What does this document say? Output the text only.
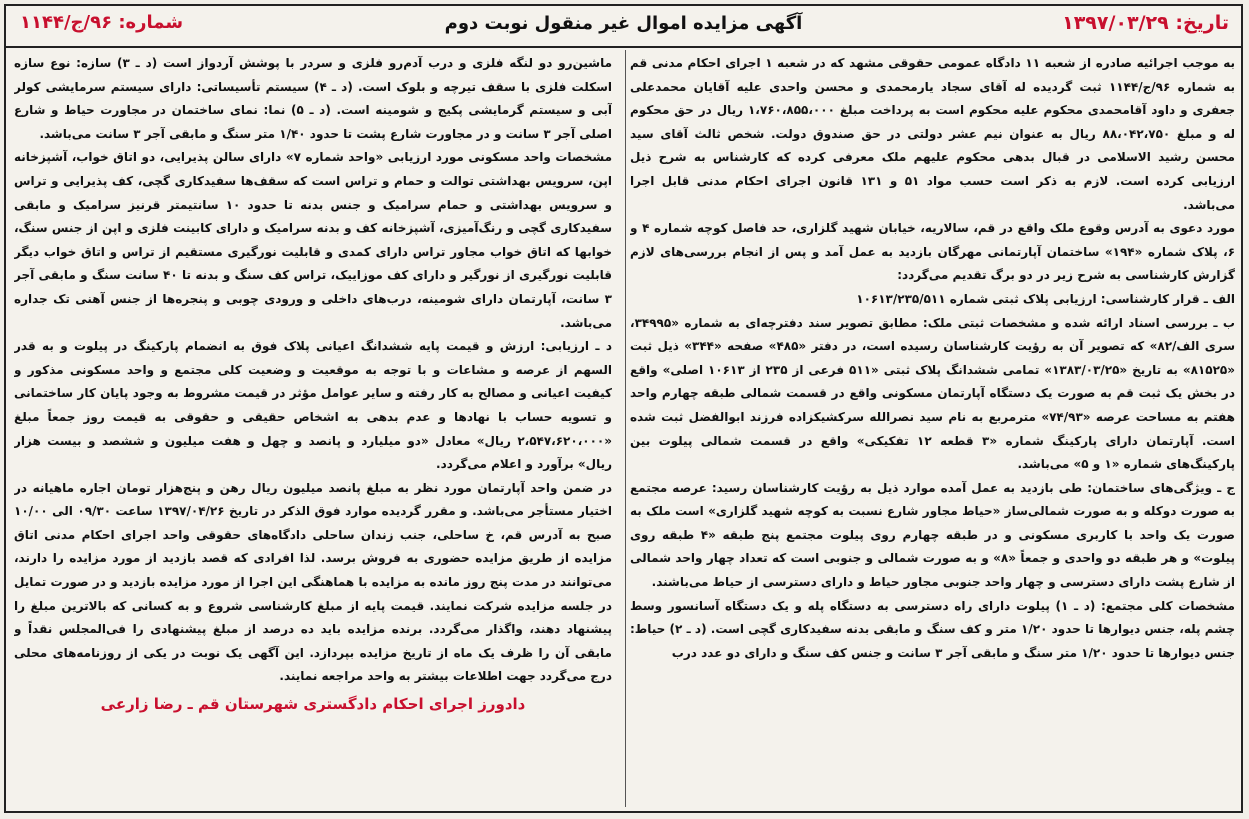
تاریخ: ۱۳۹۷/۰۳/۲۹
آگهی مزایده اموال غیر منقول نوبت دوم
شماره: ۹۶/ج/۱۱۴۴

به موجب اجرائیه صادره از شعبه ۱۱ دادگاه عمومی حقوقی مشهد که در شعبه ۱ اجرای احکام مدنی قم به شماره ۹۶/ج/۱۱۴۴ ثبت گردیده له آقای سجاد یارمحمدی و محسن واحدی علیه آقایان محمدعلی جعفری و داود آقامحمدی محکوم علیه محکوم است به پرداخت مبلغ ۱،۷۶۰،۸۵۵،۰۰۰ ریال در حق محکوم له و مبلغ ۸۸،۰۴۲،۷۵۰ ریال به عنوان نیم عشر دولتی در حق صندوق دولت. شخص ثالث آقای سید محسن رشید الاسلامی در قبال بدهی محکوم علیهم ملک معرفی کرده که کارشناس به شرح ذیل ارزیابی کرده است. لازم به ذکر است حسب مواد ۵۱ و ۱۳۱ قانون اجرای احکام مدنی قابل اجرا می‌باشد.

مورد دعوی به آدرس وقوع ملک واقع در قم، سالاریه، خیابان شهید گلزاری، حد فاصل کوچه شماره ۴ و ۶، پلاک شماره «۱۹۴» ساختمان آپارتمانی مهرگان بازدید به عمل آمد و پس از انجام بررسی‌های لازم گزارش کارشناسی به شرح زیر در دو برگ تقدیم می‌گردد:

الف ـ قرار کارشناسی: ارزیابی پلاک ثبتی شماره ۱۰۶۱۳/۲۳۵/۵۱۱

ب ـ بررسی اسناد ارائه شده و مشخصات ثبتی ملک: مطابق تصویر سند دفترچه‌ای به شماره «۳۴۹۹۵، سری الف/۸۲» که تصویر آن به رؤیت کارشناسان رسیده است، در دفتر «۴۸۵» صفحه «۳۴۴» ذیل ثبت «۸۱۵۲۵» به تاریخ «۱۳۸۳/۰۳/۲۵» تمامی ششدانگ پلاک ثبتی «۵۱۱ فرعی از ۲۳۵ از ۱۰۶۱۳ اصلی» واقع در بخش یک ثبت قم به صورت یک دستگاه آپارتمان مسکونی واقع در قسمت شمالی طبقه چهارم واحد هفتم به مساحت عرصه «۷۴/۹۳» مترمربع به نام سید نصرالله سرکشیکزاده فرزند ابوالفضل ثبت شده است. آپارتمان دارای پارکینگ شماره «۳ قطعه ۱۲ تفکیکی» واقع در قسمت شمالی پیلوت بین پارکینگ‌های شماره «۱ و ۵» می‌باشد.

ج ـ ویژگی‌های ساختمان: طی بازدید به عمل آمده موارد ذیل به رؤیت کارشناسان رسید: عرصه مجتمع به صورت دوکله و به صورت شمالی‌ساز «حیاط مجاور شارع نسبت به کوچه شهید گلزاری» است ملک به صورت یک واحد با کاربری مسکونی و در طبقه چهارم روی پیلوت مجتمع پنج طبقه «۴ طبقه روی پیلوت» و هر طبقه دو واحدی و جمعاً «۸» و به صورت شمالی و جنوبی است که تعداد چهار واحد شمالی از شارع پشت دارای دسترسی و چهار واحد جنوبی مجاور حیاط و دارای دسترسی از حیاط می‌باشند.

مشخصات کلی مجتمع: (د ـ ۱) پیلوت دارای راه دسترسی به دستگاه پله و یک دستگاه آسانسور وسط چشم پله، جنس دیوارها تا حدود ۱/۲۰ متر و کف سنگ و مابقی بدنه سفیدکاری گچی است. (د ـ ۲) حیاط: جنس دیوارها تا حدود ۱/۲۰ متر سنگ و مابقی آجر ۳ سانت و جنس کف سنگ و دارای دو عدد درب

ماشین‌رو دو لنگه فلزی و درب آدم‌رو فلزی و سردر با پوشش آردواز است (د ـ ۳) سازه: نوع سازه اسکلت فلزی با سقف تیرچه و بلوک است. (د ـ ۴) سیستم تأسیساتی: دارای سیستم سرمایشی کولر آبی و سیستم گرمایشی پکیج و شومینه است. (د ـ ۵) نما: نمای ساختمان در مجاورت حیاط و شارع اصلی آجر ۳ سانت و در مجاورت شارع پشت تا حدود ۱/۴۰ متر سنگ و مابقی آجر ۳ سانت می‌باشد.

مشخصات واحد مسکونی مورد ارزیابی «واحد شماره ۷» دارای سالن پذیرایی، دو اتاق خواب، آشپزخانه اپن، سرویس بهداشتی توالت و حمام و تراس است که سقف‌ها سفیدکاری گچی، کف پذیرایی و تراس و سرویس بهداشتی و حمام سرامیک و جنس بدنه تا حدود ۱۰ سانتیمتر قرنیز سرامیک و مابقی سفیدکاری گچی و رنگ‌آمیزی، آشپزخانه کف و بدنه سرامیک و دارای کابینت فلزی و اپن از جنس سنگ، خوابها که اتاق خواب مجاور تراس دارای کمدی و قابلیت نورگیری مستقیم از تراس و اتاق خواب دیگر قابلیت نورگیری از نورگیر و دارای کف موزاییک، تراس کف سنگ و بدنه تا ۴۰ سانت سنگ و مابقی آجر ۳ سانت، آپارتمان دارای شومینه، درب‌های داخلی و ورودی چوبی و پنجره‌ها از جنس آهنی تک جداره می‌باشد.

د ـ ارزیابی: ارزش و قیمت پایه ششدانگ اعیانی پلاک فوق به انضمام پارکینگ در پیلوت و به قدر السهم از عرصه و مشاعات و با توجه به موقعیت و وضعیت کلی مجتمع و واحد مسکونی مذکور و کیفیت اعیانی و مصالح به کار رفته و سایر عوامل مؤثر در قیمت مشروط به وجود پایان کار ساختمانی و تسویه حساب با نهادها و عدم بدهی به اشخاص حقیقی و حقوقی به قیمت روز جمعاً مبلغ «۲،۵۴۷،۶۲۰،۰۰۰ ریال» معادل «دو میلیارد و پانصد و چهل و هفت میلیون و ششصد و بیست هزار ریال» برآورد و اعلام می‌گردد.

در ضمن واحد آپارتمان مورد نظر به مبلغ پانصد میلیون ریال رهن و پنج‌هزار تومان اجاره ماهیانه در اختیار مستأجر می‌باشد. و مقرر گردیده موارد فوق الذکر در تاریخ ۱۳۹۷/۰۴/۲۶ ساعت ۰۹/۳۰ الی ۱۰/۰۰ صبح به آدرس قم، خ ساحلی، جنب زندان ساحلی دادگاه‌های حقوقی واحد اجرای احکام مدنی اتاق مزایده از طریق مزایده حضوری به فروش برسد. لذا افرادی که قصد بازدید از مورد مزایده را دارند، می‌توانند در مدت پنج روز مانده به مزایده با هماهنگی این اجرا از مورد مزایده بازدید و در صورت تمایل در جلسه مزایده شرکت نمایند. قیمت پایه از مبلغ کارشناسی شروع و به کسانی که بالاترین مبلغ را پیشنهاد دهند، واگذار می‌گردد. برنده مزایده باید ده درصد از مبلغ پیشنهادی را فی‌المجلس نقداً و مابقی آن را ظرف یک ماه از تاریخ مزایده بپردازد. این آگهی یک نوبت در یکی از روزنامه‌های محلی درج می‌گردد جهت اطلاعات بیشتر به واحد مراجعه نمایند.

دادورز اجرای احکام دادگستری شهرستان قم ـ رضا زارعی
